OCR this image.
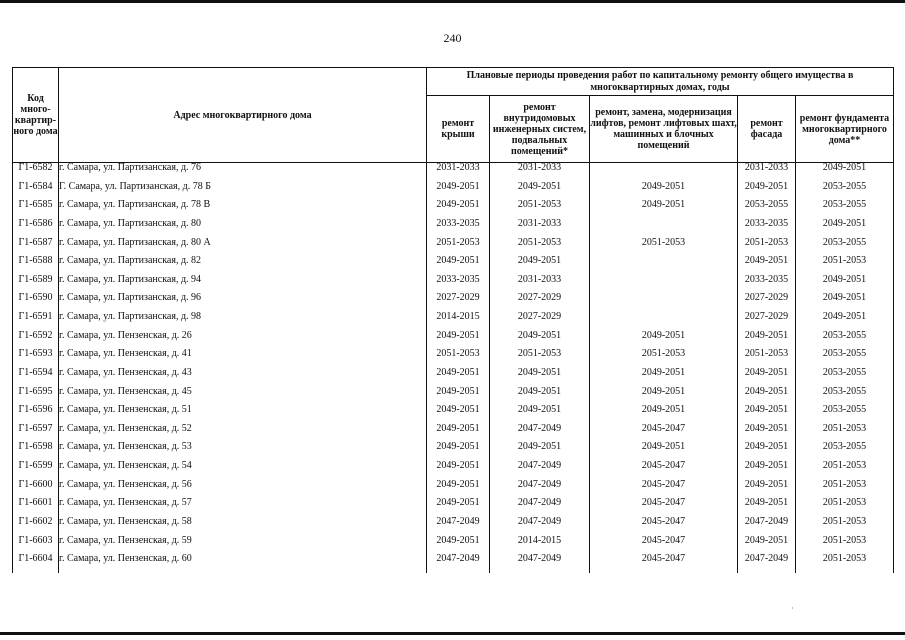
240
Код много-квартир-ного дома	Адрес многоквартирного дома	Плановые периоды проведения работ по капитальному ремонту общего имущества в многоквартирных домах, годы				
		ремонт крыши	ремонт внутридомовых инженерных систем, подвальных помещений*	ремонт, замена, модернизация лифтов, ремонт лифтовых шахт, машинных и блочных помещений	ремонт фасада	ремонт фундамента многоквартирного дома**
Г1-6582	г. Самара, ул. Партизанская, д. 76	2031-2033	2031-2033		2031-2033	2049-2051
Г1-6584	Г. Самара, ул. Партизанская, д. 78 Б	2049-2051	2049-2051	2049-2051	2049-2051	2053-2055
Г1-6585	г. Самара, ул. Партизанская, д. 78 В	2049-2051	2051-2053	2049-2051	2053-2055	2053-2055
Г1-6586	г. Самара, ул. Партизанская, д. 80	2033-2035	2031-2033		2033-2035	2049-2051
Г1-6587	г. Самара, ул. Партизанская, д. 80 А	2051-2053	2051-2053	2051-2053	2051-2053	2053-2055
Г1-6588	г. Самара, ул. Партизанская, д. 82	2049-2051	2049-2051		2049-2051	2051-2053
Г1-6589	г. Самара, ул. Партизанская, д. 94	2033-2035	2031-2033		2033-2035	2049-2051
Г1-6590	г. Самара, ул. Партизанская, д. 96	2027-2029	2027-2029		2027-2029	2049-2051
Г1-6591	г. Самара, ул. Партизанская, д. 98	2014-2015	2027-2029		2027-2029	2049-2051
Г1-6592	г. Самара, ул. Пензенская, д. 26	2049-2051	2049-2051	2049-2051	2049-2051	2053-2055
Г1-6593	г. Самара, ул. Пензенская, д. 41	2051-2053	2051-2053	2051-2053	2051-2053	2053-2055
Г1-6594	г. Самара, ул. Пензенская, д. 43	2049-2051	2049-2051	2049-2051	2049-2051	2053-2055
Г1-6595	г. Самара, ул. Пензенская, д. 45	2049-2051	2049-2051	2049-2051	2049-2051	2053-2055
Г1-6596	г. Самара, ул. Пензенская, д. 51	2049-2051	2049-2051	2049-2051	2049-2051	2053-2055
Г1-6597	г. Самара, ул. Пензенская, д. 52	2049-2051	2047-2049	2045-2047	2049-2051	2051-2053
Г1-6598	г. Самара, ул. Пензенская, д. 53	2049-2051	2049-2051	2049-2051	2049-2051	2053-2055
Г1-6599	г. Самара, ул. Пензенская, д. 54	2049-2051	2047-2049	2045-2047	2049-2051	2051-2053
Г1-6600	г. Самара, ул. Пензенская, д. 56	2049-2051	2047-2049	2045-2047	2049-2051	2051-2053
Г1-6601	г. Самара, ул. Пензенская, д. 57	2049-2051	2047-2049	2045-2047	2049-2051	2051-2053
Г1-6602	г. Самара, ул. Пензенская, д. 58	2047-2049	2047-2049	2045-2047	2047-2049	2051-2053
Г1-6603	г. Самара, ул. Пензенская, д. 59	2049-2051	2014-2015	2045-2047	2049-2051	2051-2053
Г1-6604	г. Самара, ул. Пензенская, д. 60	2047-2049	2047-2049	2045-2047	2047-2049	2051-2053
˙
